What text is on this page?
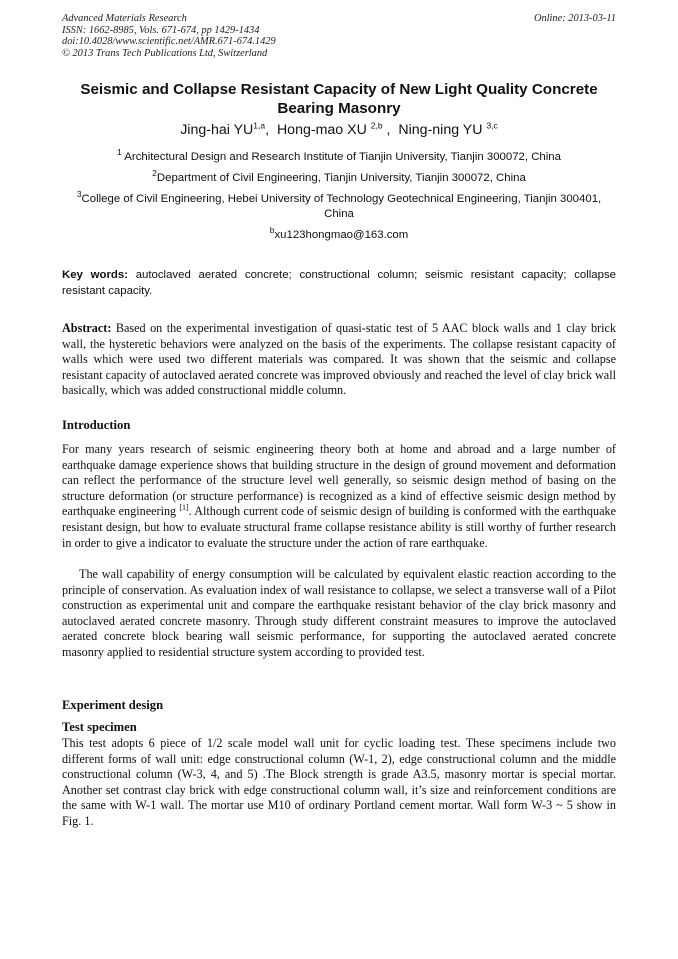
Advanced Materials Research
ISSN: 1662-8985, Vols. 671-674, pp 1429-1434
doi:10.4028/www.scientific.net/AMR.671-674.1429
© 2013 Trans Tech Publications Ltd, Switzerland
Online: 2013-03-11
Seismic and Collapse Resistant Capacity of New Light Quality Concrete Bearing Masonry
Jing-hai YU$^{1,a}$,  Hong-mao XU $^{2,b}$ ,  Ning-ning YU $^{3,c}$
$^1$ Architectural Design and Research Institute of Tianjin University, Tianjin 300072, China
$^2$Department of Civil Engineering, Tianjin University, Tianjin 300072, China
$^3$College of Civil Engineering, Hebei University of Technology Geotechnical Engineering, Tianjin 300401, China
$^b$xu123hongmao@163.com
Key words: autoclaved aerated concrete; constructional column; seismic resistant capacity; collapse resistant capacity.
Abstract: Based on the experimental investigation of quasi-static test of 5 AAC block walls and 1 clay brick wall, the hysteretic behaviors were analyzed on the basis of the experiments. The collapse resistant capacity of walls which were used two different materials was compared. It was shown that the seismic and collapse resistant capacity of autoclaved aerated concrete was improved obviously and reached the level of clay brick wall basically, which was added constructional middle column.
Introduction
For many years research of seismic engineering theory both at home and abroad and a large number of earthquake damage experience shows that building structure in the design of ground movement and deformation can reflect the performance of the structure level well generally, so seismic design method of basing on the structure deformation (or structure performance) is recognized as a kind of effective seismic design method by earthquake engineering [1]. Although current code of seismic design of building is conformed with the earthquake resistant design, but how to evaluate structural frame collapse resistance ability is still worthy of further research in order to give a indicator to evaluate the structure under the action of rare earthquake.
The wall capability of energy consumption will be calculated by equivalent elastic reaction according to the principle of conservation. As evaluation index of wall resistance to collapse, we select a transverse wall of a Pilot construction as experimental unit and compare the earthquake resistant behavior of the clay brick masonry and autoclaved aerated concrete masonry. Through study different constraint measures to improve the autoclaved aerated concrete block bearing wall seismic performance, for supporting the autoclaved aerated concrete masonry applied to residential structure system according to provided test.
Experiment design
Test specimen
This test adopts 6 piece of 1/2 scale model wall unit for cyclic loading test. These specimens include two different forms of wall unit: edge constructional column (W-1, 2), edge constructional column and the middle constructional column (W-3, 4, and 5) .The Block strength is grade A3.5, masonry mortar is special mortar. Another set contrast clay brick with edge constructional column wall, it’s size and reinforcement conditions are the same with W-1 wall. The mortar use M10 of ordinary Portland cement mortar. Wall form W-3 ~ 5 show in Fig. 1.
